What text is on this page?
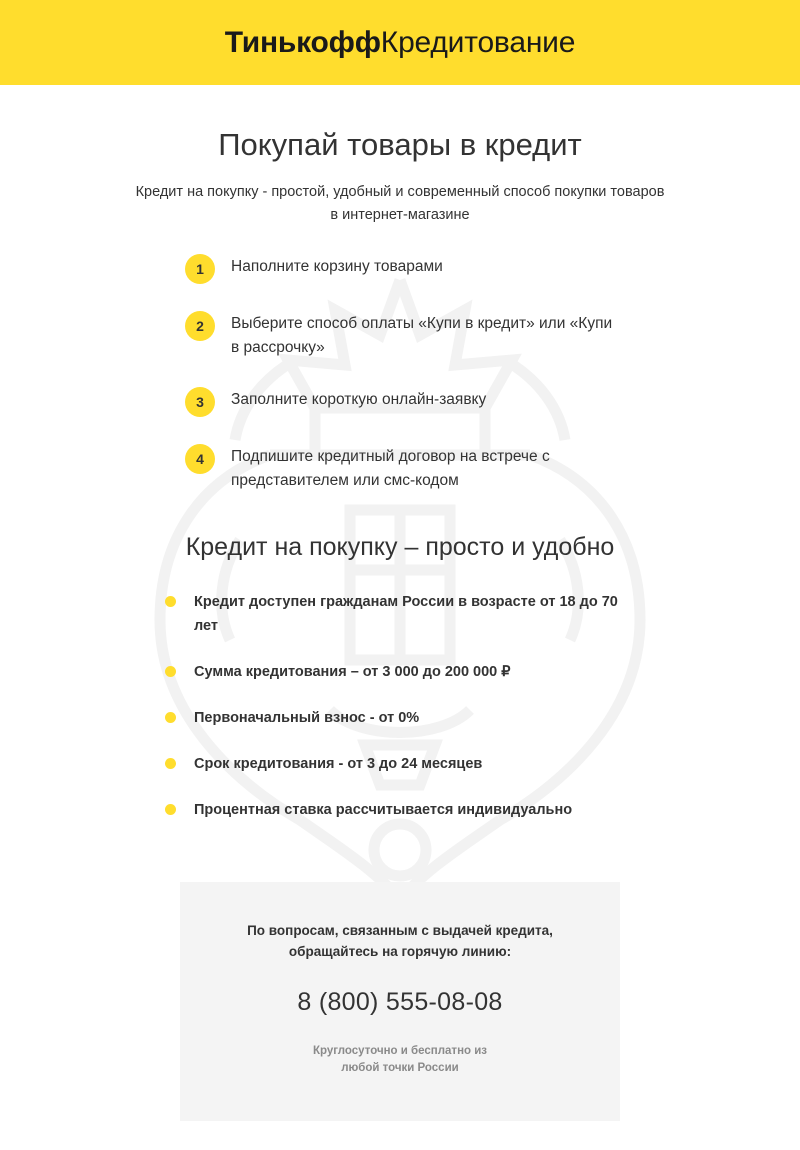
ТинькоффКредитование
Покупай товары в кредит
Кредит на покупку - простой, удобный и современный способ покупки товаров в интернет-магазине
1	Наполните корзину товарами
2	Выберите способ оплаты «Купи в кредит» или «Купи в рассрочку»
3	Заполните короткую онлайн-заявку
4	Подпишите кредитный договор на встрече с представителем или смс-кодом
Кредит на покупку – просто и удобно
Кредит доступен гражданам России в возрасте от 18 до 70 лет
Сумма кредитования – от 3 000 до 200 000 ₽
Первоначальный взнос - от 0%
Срок кредитования - от 3 до 24 месяцев
Процентная ставка рассчитывается индивидуально
По вопросам, связанным с выдачей кредита,
обращайтесь на горячую линию:
8 (800) 555-08-08
Круглосуточно и бесплатно из
любой точки России
